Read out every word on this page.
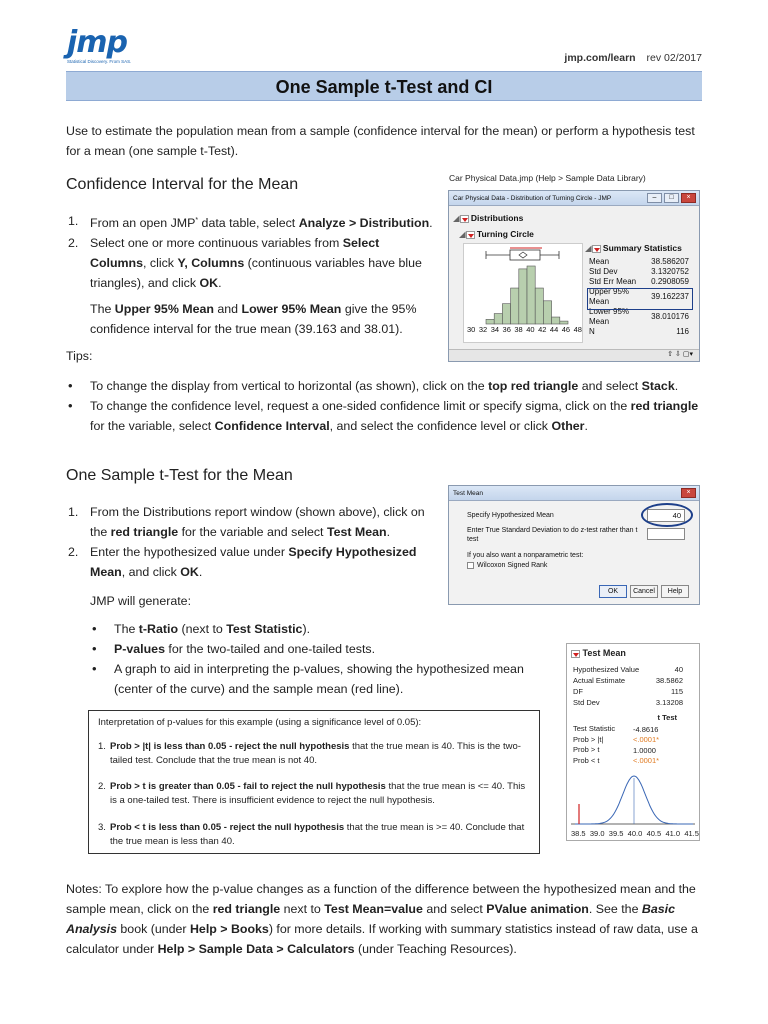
jmp
Statistical Discovery. From SAS.	jmp.com/learn rev 02/2017
One Sample t-Test and CI
Use to estimate the population mean from a sample (confidence interval for the mean) or perform a hypothesis test for a mean (one sample t-Test).
Confidence Interval for the Mean	Car Physical Data.jmp (Help > Sample Data Library)
1. From an open JMP* data table, select Analyze > Distribution.
2. Select one or more continuous variables from Select Columns, click Y, Columns (continuous variables have blue triangles), and click OK.
The Upper 95% Mean and Lower 95% Mean give the 95% confidence interval for the true mean (39.163 and 38.01).
Car Physical Data - Distribution of Turning Circle - JMP	–	□	×
◢ Distributions
◢ Turning Circle
30 32 34 36 38 40 42 44 46 48
◢ Summary Statistics
Mean	38.586207
Std Dev	3.1320752
Std Err Mean	0.2908059
Upper 95% Mean	39.162237
Lower 95% Mean	38.010176
N	116
⇧ ⇩ ▢▾
Tips:
• To change the display from vertical to horizontal (as shown), click on the top red triangle and select Stack.
• To change the confidence level, request a one-sided confidence limit or specify sigma, click on the red triangle for the variable, select Confidence Interval, and select the confidence level or click Other.
One Sample t-Test for the Mean
1. From the Distributions report window (shown above), click on the red triangle for the variable and select Test Mean.
2. Enter the hypothesized value under Specify Hypothesized Mean, and click OK.
JMP will generate:
• The t-Ratio (next to Test Statistic).
• P-values for the two-tailed and one-tailed tests.
• A graph to aid in interpreting the p-values, showing the hypothesized mean (center of the curve) and the sample mean (red line).
Test Mean	×
Specify Hypothesized Mean	40
Enter True Standard Deviation to do z-test rather than t test
If you also want a nonparametric test:
Wilcoxon Signed Rank
OK	Cancel	Help
Test Mean
Hypothesized Value	40
Actual Estimate	38.5862
DF	115
Std Dev	3.13208
t Test
Test Statistic	-4.8616
Prob > |t|	<.0001*
Prob > t	1.0000
Prob < t	<.0001*
38.5 39.0 39.5 40.0 40.5 41.0 41.5
Interpretation of p-values for this example (using a significance level of 0.05):
1. Prob > |t| is less than 0.05 - reject the null hypothesis that the true mean is 40. This is the two-tailed test. Conclude that the true mean is not 40.
2. Prob > t is greater than 0.05 - fail to reject the null hypothesis that the true mean is <= 40. This is a one-tailed test. There is insufficient evidence to reject the null hypothesis.
3. Prob < t is less than 0.05 - reject the null hypothesis that the true mean is >= 40. Conclude that the true mean is less than 40.
Notes: To explore how the p-value changes as a function of the difference between the hypothesized mean and the sample mean, click on the red triangle next to Test Mean=value and select PValue animation. See the Basic Analysis book (under Help > Books) for more details. If working with summary statistics instead of raw data, use a calculator under Help > Sample Data > Calculators (under Teaching Resources).
